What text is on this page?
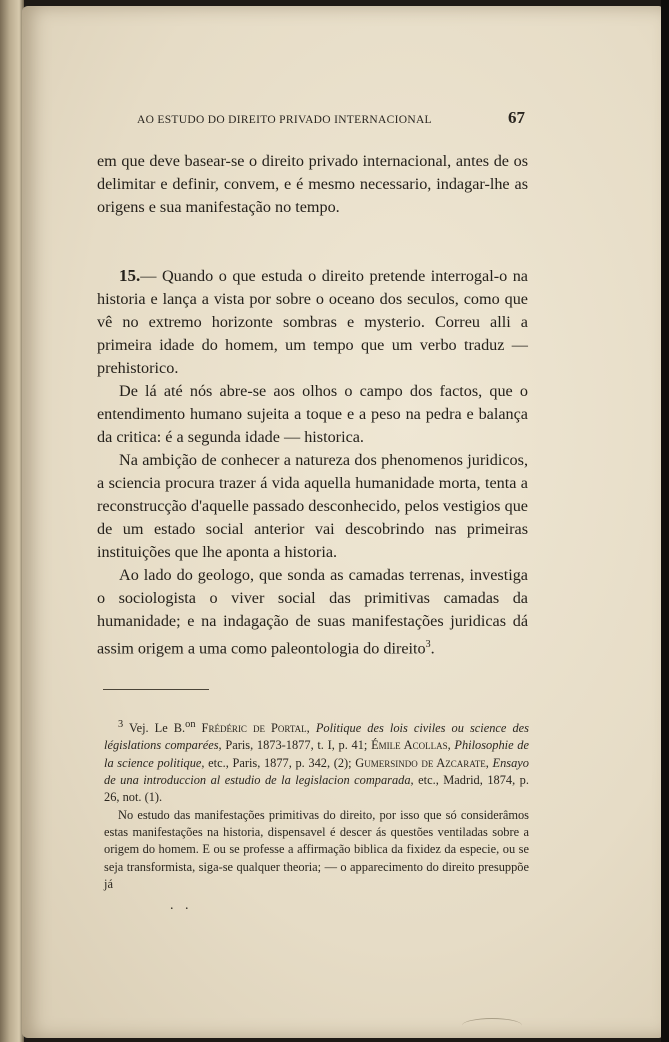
AO ESTUDO DO DIREITO PRIVADO INTERNACIONAL	67

em que deve basear-se o direito privado internacional, antes de os delimitar e definir, convem, e é mesmo necessario, indagar-lhe as origens e sua manifestação no tempo.

15.— Quando o que estuda o direito pretende interrogal-o na historia e lança a vista por sobre o oceano dos seculos, como que vê no extremo horizonte sombras e mysterio. Correu alli a primeira idade do homem, um tempo que um verbo traduz — prehistorico.

De lá até nós abre-se aos olhos o campo dos factos, que o entendimento humano sujeita a toque e a peso na pedra e balança da critica: é a segunda idade — historica.

Na ambição de conhecer a natureza dos phenomenos juridicos, a sciencia procura trazer á vida aquella humanidade morta, tenta a reconstrucção d'aquelle passado desconhecido, pelos vestigios que de um estado social anterior vai descobrindo nas primeiras instituições que lhe aponta a historia.

Ao lado do geologo, que sonda as camadas terrenas, investiga o sociologista o viver social das primitivas camadas da humanidade; e na indagação de suas manifestações juridicas dá assim origem a uma como paleontologia do direito$^3$.

$^3$ Vej. Le B.$^{on}$ Frédéric de Portal, Politique des lois civiles ou science des législations comparées, Paris, 1873-1877, t. I, p. 41; Émile Acollas, Philosophie de la science politique, etc., Paris, 1877, p. 342, (2); Gumersindo de Azcarate, Ensayo de una introduccion al estudio de la legislacion comparada, etc., Madrid, 1874, p. 26, not. (1).

No estudo das manifestações primitivas do direito, por isso que só considerâmos estas manifestações na historia, dispensavel é descer ás questões ventiladas sobre a origem do homem. E ou se professe a affirmação biblica da fixidez da especie, ou se seja transformista, siga-se qualquer theoria; — o apparecimento do direito presuppõe já

. .
